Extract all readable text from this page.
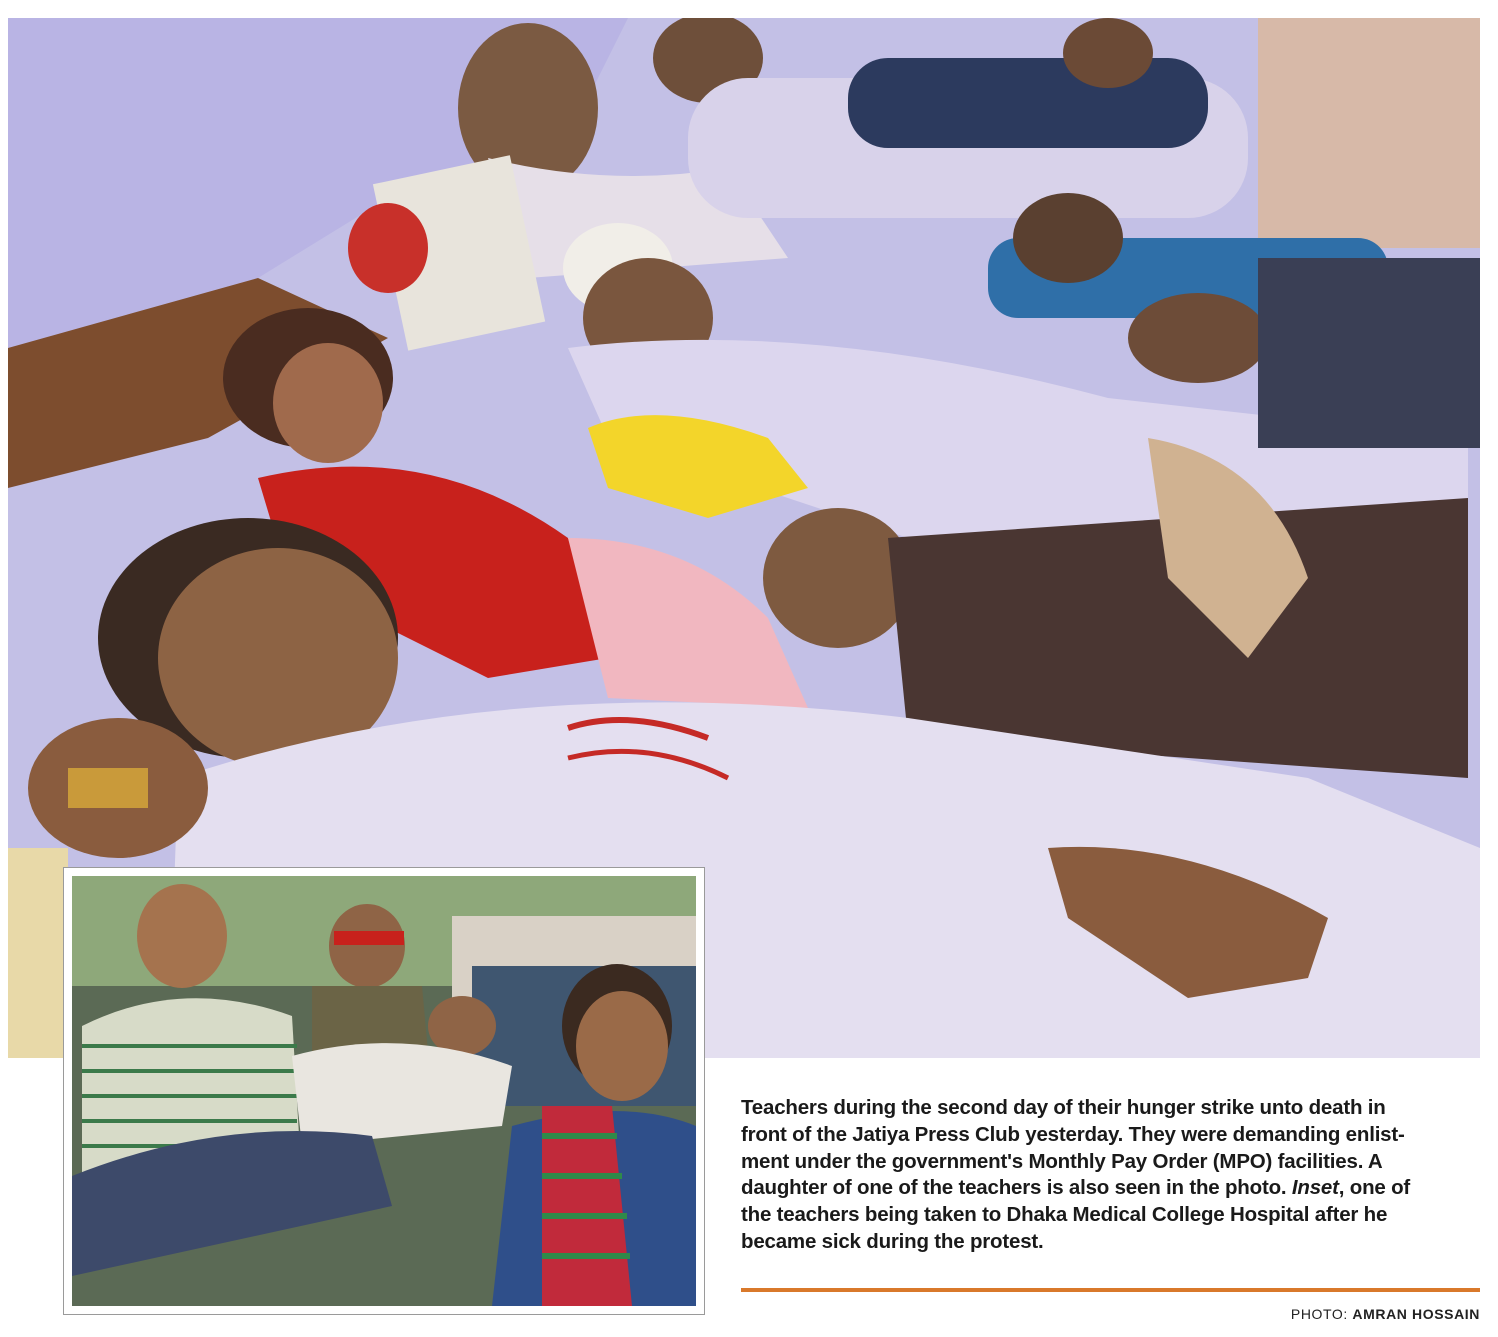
Teachers during the second day of their hunger strike unto death in
front of the Jatiya Press Club yesterday. They were demanding enlist-
ment under the government's Monthly Pay Order (MPO) facilities. A
daughter of one of the teachers is also seen in the photo. Inset, one of
the teachers being taken to Dhaka Medical College Hospital after he
became sick during the protest.
PHOTO: AMRAN HOSSAIN
